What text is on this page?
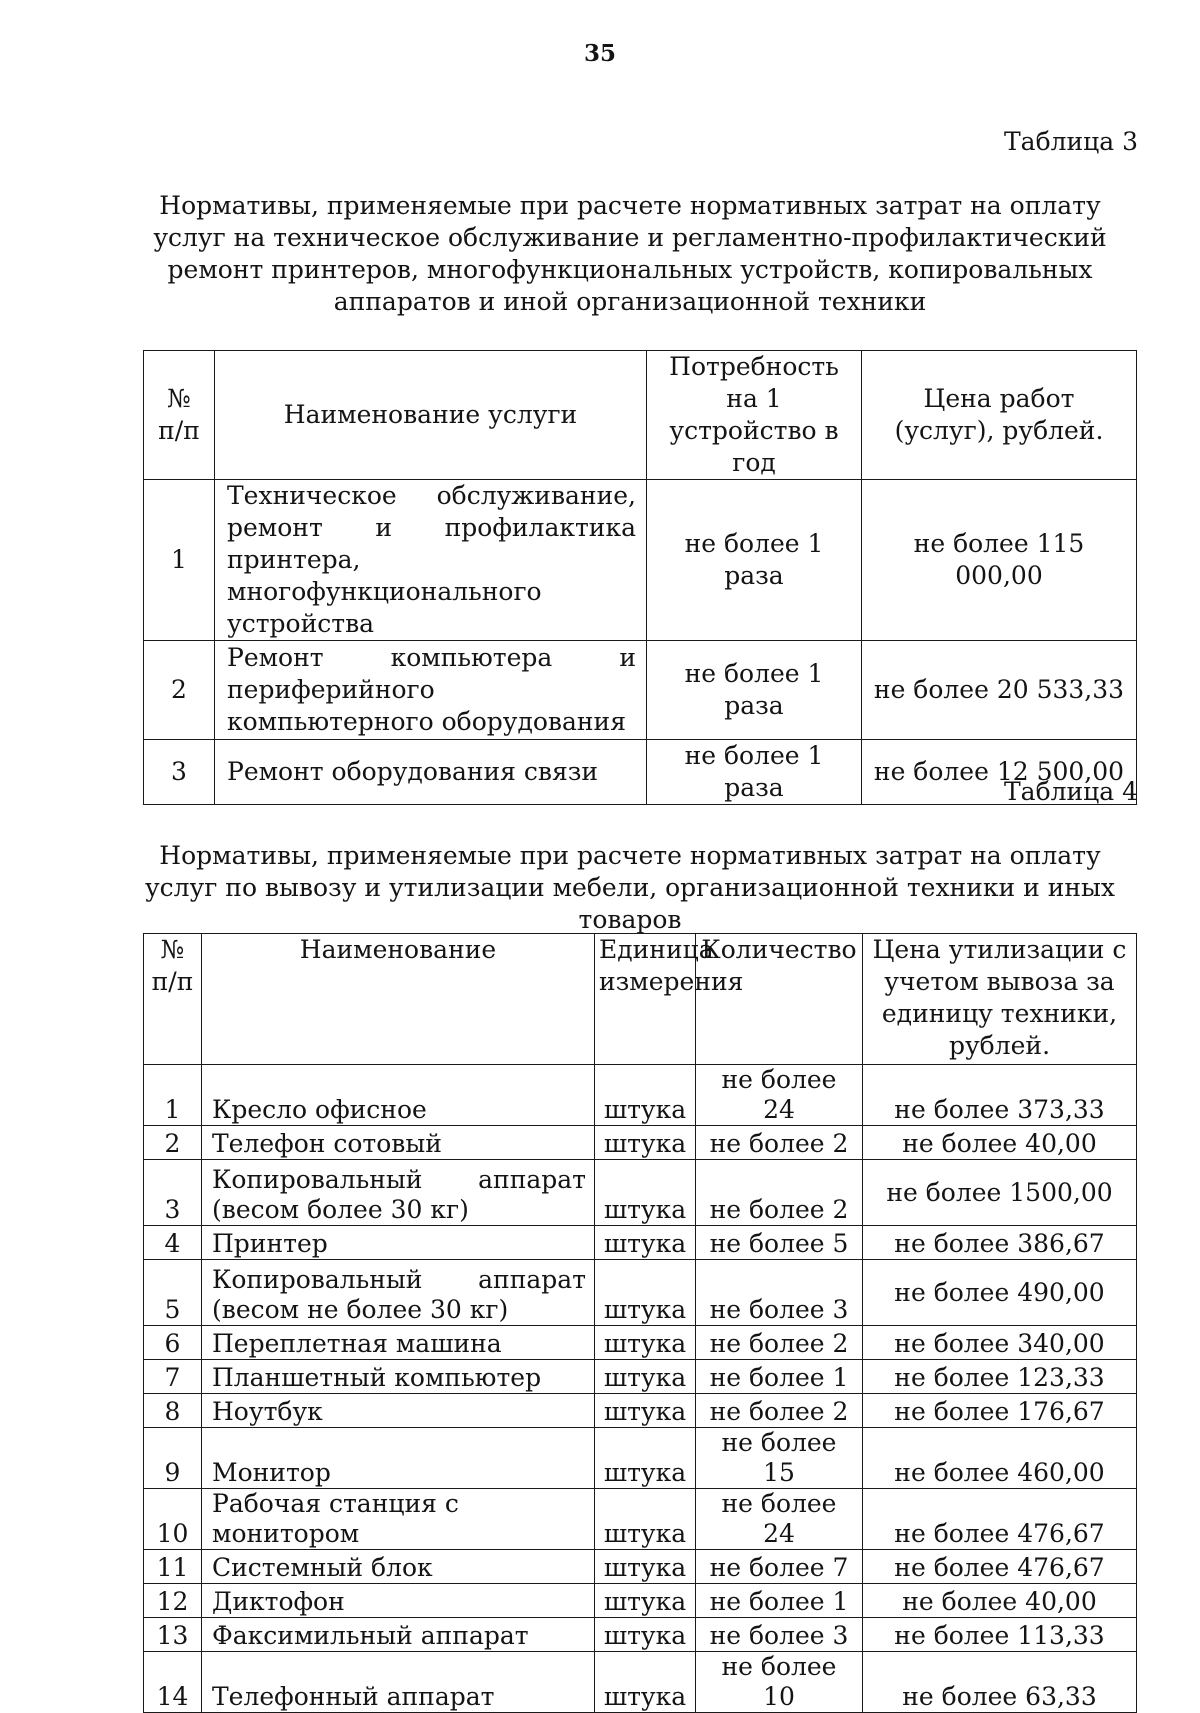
35
Таблица 3
Нормативы, применяемые при расчете нормативных затрат на оплату услуг на техническое обслуживание и регламентно-профилактический ремонт принтеров, многофункциональных устройств, копировальных аппаратов и иной организационной техники
№ п/п	Наименование услуги	Потребность на 1 устройство в год	Цена работ (услуг), рублей.
1	Техническое обслуживание, ремонт и профилактика принтера, многофункционального устройства	не более 1 раза	не более 115 000,00
2	Ремонт компьютера и периферийного компьютерного оборудования	не более 1 раза	не более 20 533,33
3	Ремонт оборудования связи	не более 1 раза	не более 12 500,00
Таблица 4
Нормативы, применяемые при расчете нормативных затрат на оплату услуг по вывозу и утилизации мебели, организационной техники и иных товаров
№ п/п	Наименование	Единица измерения	Количество	Цена утилизации с учетом вывоза за единицу техники, рублей.
1	Кресло офисное	штука	не более 24	не более 373,33
2	Телефон сотовый	штука	не более 2	не более 40,00
3	Копировальный аппарат (весом более 30 кг)	штука	не более 2	не более 1500,00
4	Принтер	штука	не более 5	не более 386,67
5	Копировальный аппарат (весом не более 30 кг)	штука	не более 3	не более 490,00
6	Переплетная машина	штука	не более 2	не более 340,00
7	Планшетный компьютер	штука	не более 1	не более 123,33
8	Ноутбук	штука	не более 2	не более 176,67
9	Монитор	штука	не более 15	не более 460,00
10	Рабочая станция с монитором	штука	не более 24	не более 476,67
11	Системный блок	штука	не более 7	не более 476,67
12	Диктофон	штука	не более 1	не более 40,00
13	Факсимильный аппарат	штука	не более 3	не более 113,33
14	Телефонный аппарат	штука	не более 10	не более 63,33
